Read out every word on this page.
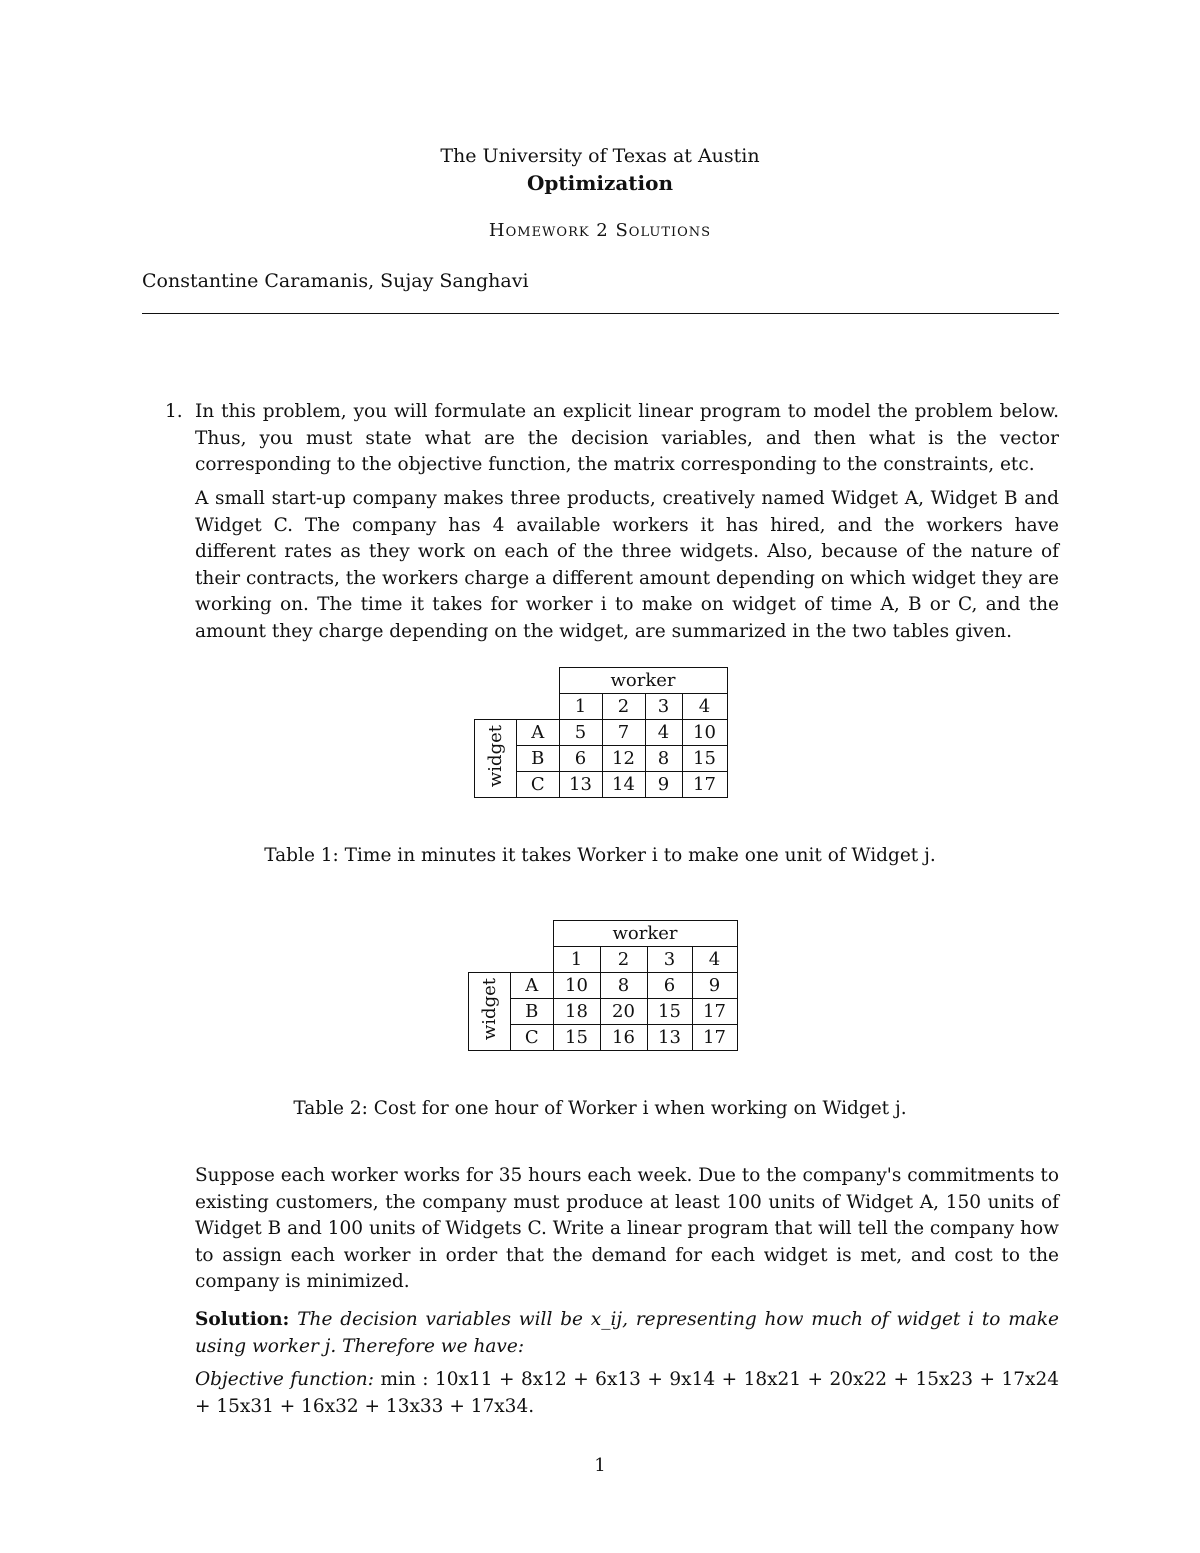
The University of Texas at Austin
Optimization
Homework 2 Solutions
Constantine Caramanis, Sujay Sanghavi
1. In this problem, you will formulate an explicit linear program to model the problem below. Thus, you must state what are the decision variables, and then what is the vector corresponding to the objective function, the matrix corresponding to the constraints, etc.
A small start-up company makes three products, creatively named Widget A, Widget B and Widget C. The company has 4 available workers it has hired, and the workers have different rates as they work on each of the three widgets. Also, because of the nature of their contracts, the workers charge a different amount depending on which widget they are working on. The time it takes for worker i to make on widget of time A, B or C, and the amount they charge depending on the widget, are summarized in the two tables given.
		worker			
		1	2	3	4
widget	A	5	7	4	10
	B	6	12	8	15
	C	13	14	9	17
Table 1: Time in minutes it takes Worker i to make one unit of Widget j.
		worker			
		1	2	3	4
widget	A	10	8	6	9
	B	18	20	15	17
	C	15	16	13	17
Table 2: Cost for one hour of Worker i when working on Widget j.
Suppose each worker works for 35 hours each week. Due to the company's commitments to existing customers, the company must produce at least 100 units of Widget A, 150 units of Widget B and 100 units of Widgets C. Write a linear program that will tell the company how to assign each worker in order that the demand for each widget is met, and cost to the company is minimized.
Solution: The decision variables will be x_ij, representing how much of widget i to make using worker j. Therefore we have:
Objective function: min : 10x11 + 8x12 + 6x13 + 9x14 + 18x21 + 20x22 + 15x23 + 17x24 + 15x31 + 16x32 + 13x33 + 17x34.
1
